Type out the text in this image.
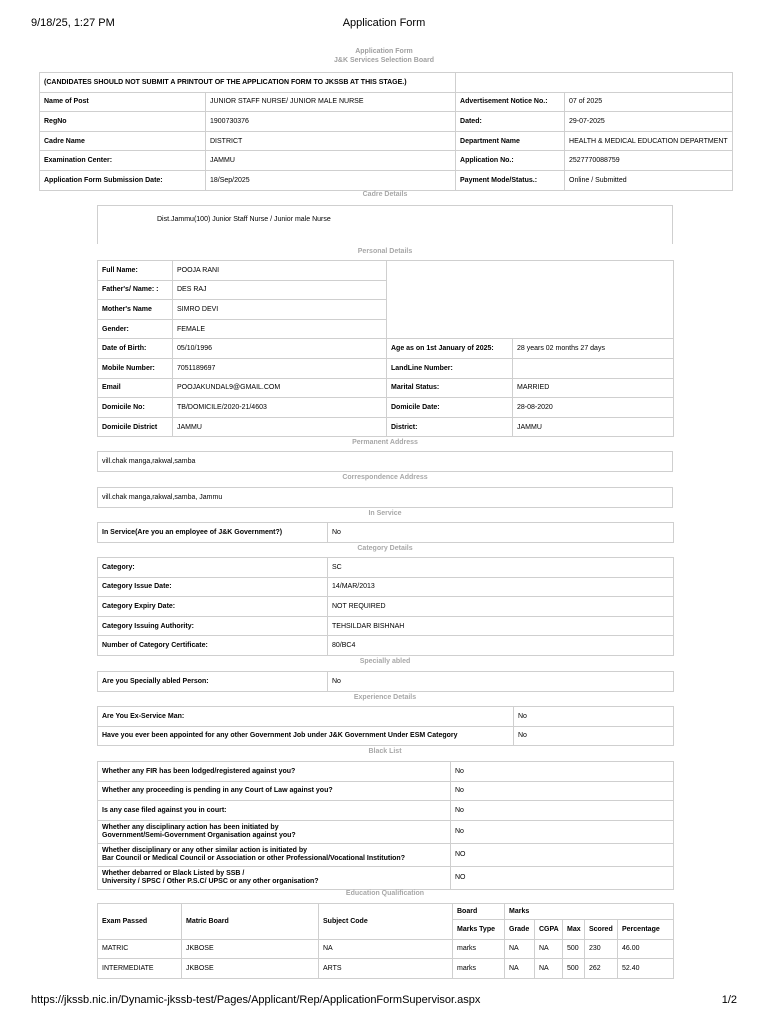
9/18/25, 1:27 PM	Application Form
Application Form
J&K Services Selection Board
(CANDIDATES SHOULD NOT SUBMIT A PRINTOUT OF THE APPLICATION FORM TO JKSSB AT THIS STAGE.)			
Name of Post	JUNIOR STAFF NURSE/ JUNIOR MALE NURSE	Advertisement Notice No.:	07 of 2025
RegNo	1900730376	Dated:	29-07-2025
Cadre Name	DISTRICT	Department Name	HEALTH & MEDICAL EDUCATION DEPARTMENT
Examination Center:	JAMMU	Application No.:	2527770088759
Application Form Submission Date:	18/Sep/2025	Payment Mode/Status.:	Online / Submitted
Cadre Details
Dist.Jammu(100) Junior Staff Nurse / Junior male Nurse
Personal Details
Full Name:	POOJA RANI		
Father's/ Name: :	DES RAJ		
Mother's Name	SIMRO DEVI		
Gender:	FEMALE		
Date of Birth:	05/10/1996	Age as on 1st January of 2025:	28 years 02 months 27 days
Mobile Number:	7051189697	LandLine Number:	
Email	POOJAKUNDAL9@GMAIL.COM	Marital Status:	MARRIED
Domicile No:	TB/DOMICILE/2020-21/4603	Domicile Date:	28-08-2020
Domicile District	JAMMU	District:	JAMMU
Permanent Address
vill.chak manga,rakwal,samba
Correspondence Address
vill.chak manga,rakwal,samba, Jammu
In Service
In Service(Are you an employee of J&K Government?)	No
Category Details
Category:	SC
Category Issue Date:	14/MAR/2013
Category Expiry Date:	NOT REQUIRED
Category Issuing Authority:	TEHSILDAR BISHNAH
Number of Category Certificate:	80/BC4
Specially abled
Are you Specially abled Person:	No
Experience Details
Are You Ex-Service Man:	No
Have you ever been appointed for any other Government Job under J&K Government Under ESM Category	No
Black List
Whether any FIR has been lodged/registered against you?	No
Whether any proceeding is pending in any Court of Law against you?	No
Is any case filed against you in court:	No

Whether any disciplinary action has been initiated by
Government/Semi-Government Organisation against you?	No

Whether disciplinary or any other similar action is initiated by
Bar Council or Medical Council or Association or other Professional/Vocational Institution?	NO

Whether debarred or Black Listed by SSB /
University / SPSC / Other P.S.C/ UPSC or any other organisation?	NO
Education Qualification
Exam Passed	Matric Board	Subject Code	Board	Marks				
			Marks Type	Grade	CGPA	Max	Scored	Percentage
MATRIC	JKBOSE	NA	marks	NA	NA	500	230	46.00
INTERMEDIATE	JKBOSE	ARTS	marks	NA	NA	500	262	52.40
https://jkssb.nic.in/Dynamic-jkssb-test/Pages/Applicant/Rep/ApplicationFormSupervisor.aspx	1/2
